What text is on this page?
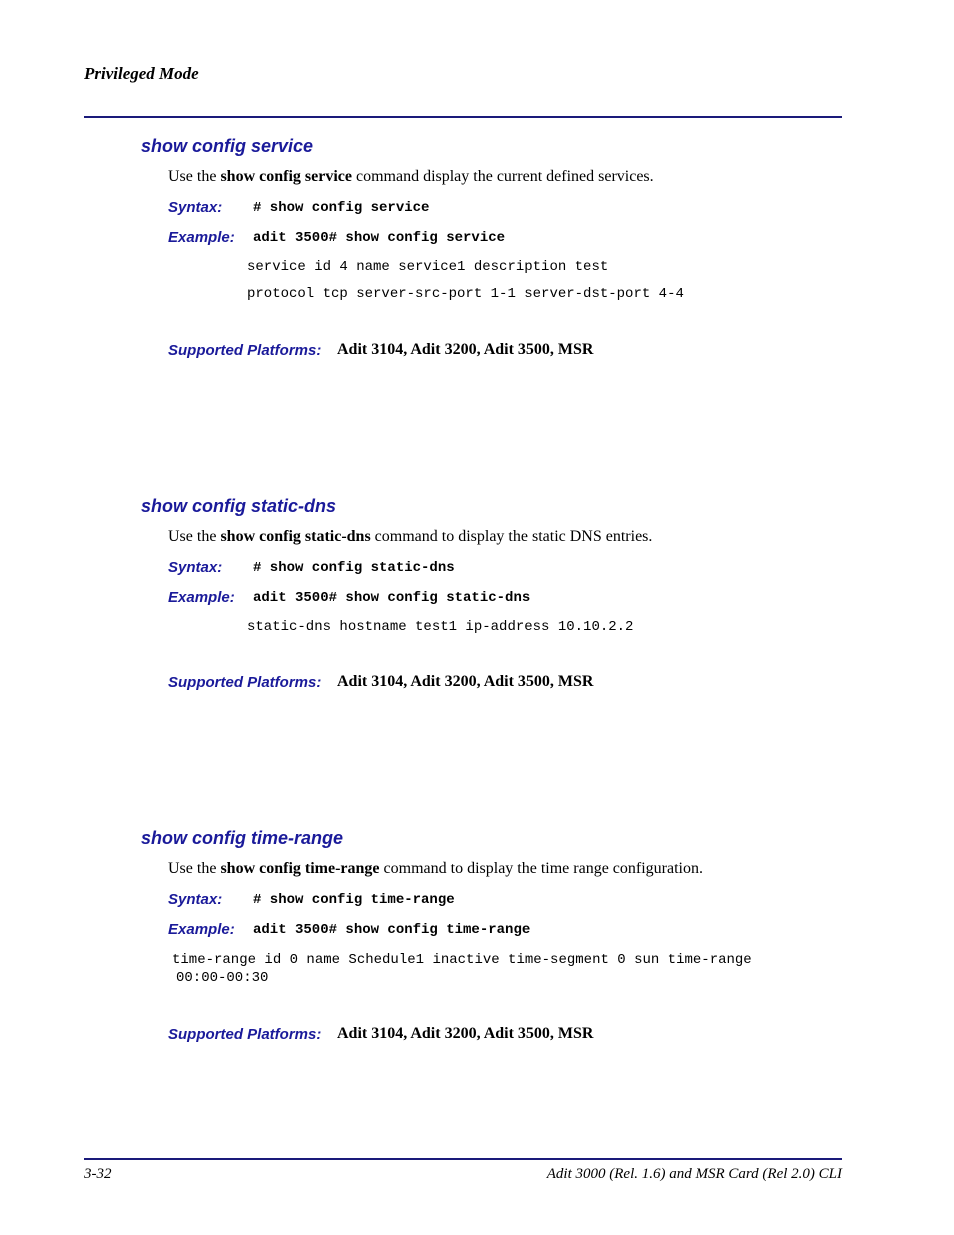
Privileged Mode
show config service
Use the show config service command display the current defined services.
Syntax: # show config service
Example: adit 3500# show config service
service id 4 name service1 description test
protocol tcp server-src-port 1-1 server-dst-port 4-4
Supported Platforms: Adit 3104, Adit 3200, Adit 3500, MSR
show config static-dns
Use the show config static-dns command to display the static DNS entries.
Syntax: # show config static-dns
Example: adit 3500# show config static-dns
static-dns hostname test1 ip-address 10.10.2.2
Supported Platforms: Adit 3104, Adit 3200, Adit 3500, MSR
show config time-range
Use the show config time-range command to display the time range configuration.
Syntax: # show config time-range
Example: adit 3500# show config time-range
time-range id 0 name Schedule1 inactive time-segment 0 sun time-range
00:00-00:30
Supported Platforms: Adit 3104, Adit 3200, Adit 3500, MSR
3-32	Adit 3000 (Rel. 1.6) and MSR Card (Rel 2.0) CLI
